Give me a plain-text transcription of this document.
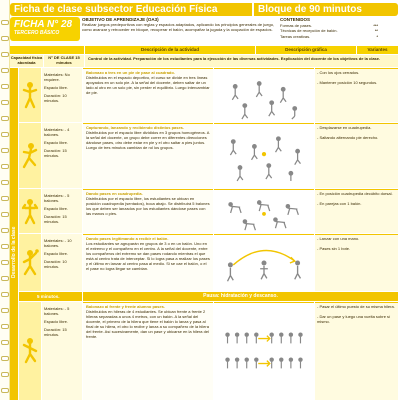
Ficha de clase subsector Educación Física	Bloque de 90 minutos
FICHA N° 28
TERCERO BÁSICO
OBJETIVO DE APRENDIZAJE (OA3)
Realizar juegos predeportivos con reglas y espacios adaptados, aplicando los principios generales de juego, como avanzar y retroceder en bloque, recuperar el balón, acompañar la jugada y la ocupación de espacios.
CONTENIDOS
Formas de pases.	***
Técnicas de recepción de balón.	**
Tareas creativas.	*
Descripción de la actividad	Descripción gráfica	Variantes
Capacidad física abordada
N° DE CLASE 15 minutos
Control de la actividad. Preparación de los estudiantes para la ejecución de las diversas actividades. Explicación del docente de los objetivos de la clase.
Desarrollo de la clase
Materiales: No requiere.
Espacio libre.
Duración: 10 minutos.
Balonazo a tres en un pie de pase al cuadrado.
Distribuidos en el espacio deportivo, el curso se divide en tres líneas apoyados en un solo pie. A la señal del docente, deben saltar de un lado al otro en un solo pie, sin perder el equilibrio. Luego intercambiar de pie.
- Con los ojos cerrados.

- Mantener posición 10 segundos.
Materiales: - 4 balones.
Espacio libre.
Duración: 15 minutos.
Capturando, lanzando y recibiendo distintos pases.
Distribuidos por el espacio libre divididos en 3 grupos homogéneos. A la señal del docente, un grupo debe correr en diferentes direcciones dándose pases, otro debe estar en pie y el otro saltar a pies juntos. Luego de tres minutos cambian de rol los grupos.
- Desplazarse en cuadrupedia.

- Saltando alternando pie derecho.
Materiales: - 5 balones.
Espacio libre.
Duración: 15 minutos.
Dando pases en cuadrupedia.
Distribuidos por el espacio libre, los estudiantes se ubican en posición cuadrupedia (sentados), boca abajo. Se distribuirá 5 balones los que deben ser lanzados por los estudiantes dándose pases con las manos o pies.
- En posición cuadrupedia decúbito dorsal.

- En parejas con 1 balón.
Materiales: - 10 balones.
Espacio libre.
Duración: 10 minutos.
Dando pases legitimando a recibir el balón.
Los estudiantes se agruparán en grupos de 3 o en un balón. Uno en el extremo y el compañero en el centro. A la señal del docente, entre los compañeros del extremo se dan pases rodando mientras el que está al centro trata de interceptar. Si lo logra pasa a realizar los pases y el último en lanzar al centro pasa al medio. Si se cae el balón, o el el pase no logra llegar se cambian.
- Lanzar con una mano.

- Pases sin 1 bote.
5 minutos.	Pausa: hidratación y descanso.
Materiales: - 5 balones.
Espacio libre.
Duración: 15 minutos.
Balonazo al frente y frente alumno pases.
Distribuidos en hileras de 4 estudiantes. Se ubican frente a frente 2 hileras separadas a unos 4 metros, con un balón. A la señal del docente, el primero de la hilera que tiene el balón lo lanza y pasa al final de su hilera, el otro lo recibe y lanza a su compañero de la hilera del frente. Así sucesivamente, dan un pase y ubicarse en la hilera del frente.
- Pasar el último puesto de su misma hilera.

- Dar un pase y luego una vuelta sobre sí mismo.
